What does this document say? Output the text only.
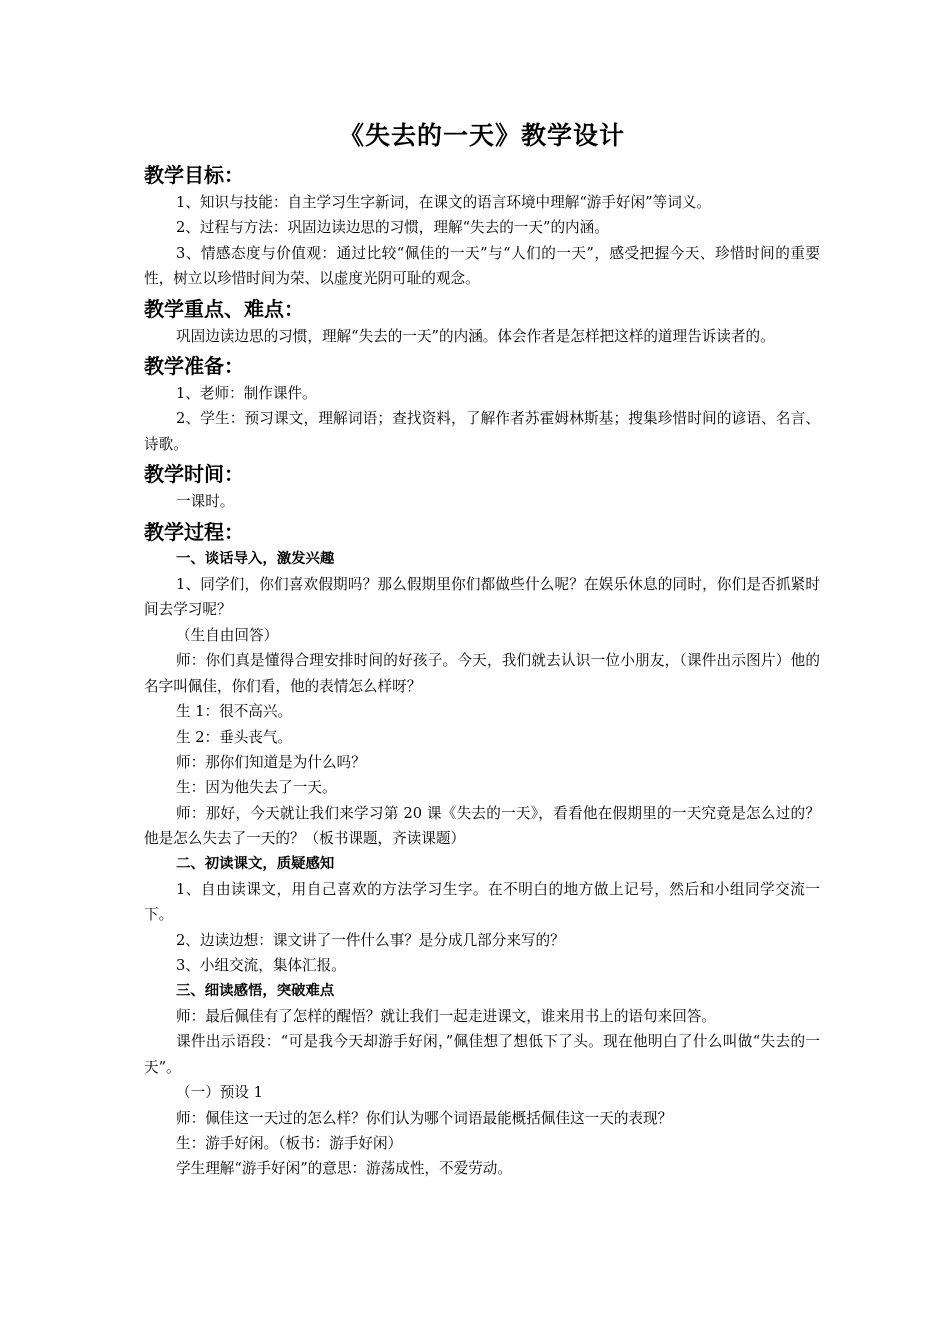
《失去的一天》教学设计
教学目标：

1、知识与技能：自主学习生字新词，在课文的语言环境中理解“游手好闲”等词义。

2、过程与方法：巩固边读边思的习惯，理解“失去的一天”的内涵。

3、情感态度与价值观：通过比较“佩佳的一天”与“人们的一天”，感受把握今天、珍惜时间的重要性，树立以珍惜时间为荣、以虚度光阴可耻的观念。

教学重点、难点：

巩固边读边思的习惯，理解“失去的一天”的内涵。体会作者是怎样把这样的道理告诉读者的。

教学准备：

1、老师：制作课件。

2、学生：预习课文，理解词语；查找资料，了解作者苏霍姆林斯基；搜集珍惜时间的谚语、名言、诗歌。

教学时间：

一课时。

教学过程：

一、谈话导入，激发兴趣

1、同学们，你们喜欢假期吗？那么假期里你们都做些什么呢？在娱乐休息的同时，你们是否抓紧时间去学习呢？

（生自由回答）

师：你们真是懂得合理安排时间的好孩子。今天，我们就去认识一位小朋友，（课件出示图片）他的名字叫佩佳，你们看，他的表情怎么样呀？

生 1：很不高兴。

生 2：垂头丧气。

师：那你们知道是为什么吗？

生：因为他失去了一天。

师：那好，今天就让我们来学习第 20 课《失去的一天》，看看他在假期里的一天究竟是怎么过的？他是怎么失去了一天的？（板书课题，齐读课题）

二、初读课文，质疑感知

1、自由读课文，用自己喜欢的方法学习生字。在不明白的地方做上记号，然后和小组同学交流一下。

2、边读边想：课文讲了一件什么事？是分成几部分来写的？

3、小组交流，集体汇报。

三、细读感悟，突破难点

师：最后佩佳有了怎样的醒悟？就让我们一起走进课文，谁来用书上的语句来回答。

课件出示语段：“可是我今天却游手好闲，”佩佳想了想低下了头。现在他明白了什么叫做“失去的一天”。

（一）预设 1

师：佩佳这一天过的怎么样？你们认为哪个词语最能概括佩佳这一天的表现？

生：游手好闲。（板书：游手好闲）

学生理解“游手好闲”的意思：游荡成性，不爱劳动。
